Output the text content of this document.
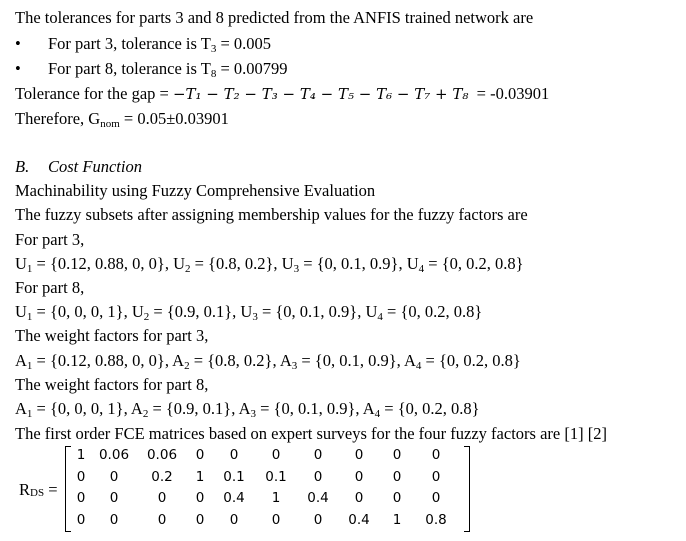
The tolerances for parts 3 and 8 predicted from the ANFIS trained network are
• For part 3, tolerance is $T_3 = 0.005$
• For part 8, tolerance is $T_8 = 0.00799$
Tolerance for the gap = −T₁ − T₂ − T₃ − T₄ − T₅ − T₆ − T₇ + T₈ = -0.03901
Therefore, $G_{nom} = 0.05\pm 0.03901$
B. Cost Function
Machinability using Fuzzy Comprehensive Evaluation
The fuzzy subsets after assigning membership values for the fuzzy factors are
For part 3,
$U_1 = \{0.12$, 0.88, 0, 0}, $U_2 = \{0.8$, 0.2}, $U_3 = \{0$, 0.1, 0.9}, $U_4 = \{0$, 0.2, 0.8}
For part 8,
$U_1 = \{0$, 0, 0, 1}, $U_2 = \{0.9$, 0.1}, $U_3 = \{0$, 0.1, 0.9}, $U_4 = \{0$, 0.2, 0.8}
The weight factors for part 3,
$A_1 = \{0.12$, 0.88, 0, 0}, $A_2 = \{0.8$, 0.2}, $A_3 = \{0$, 0.1, 0.9}, $A_4 = \{0$, 0.2, 0.8}
The weight factors for part 8,
$A_1 = \{0$, 0, 0, 1}, $A_2 = \{0.9$, 0.1}, $A_3 = \{0$, 0.1, 0.9}, $A_4 = \{0$, 0.2, 0.8}
The first order FCE matrices based on expert surveys for the four fuzzy factors are [1] [2]
$R_{DS}$ =
1	0.06	0.06	0	0	0	0	0	0	0
0	0	0.2	1	0.1	0.1	0	0	0	0
0	0	0	0	0.4	1	0.4	0	0	0
0	0	0	0	0	0	0	0.4	1	0.8
